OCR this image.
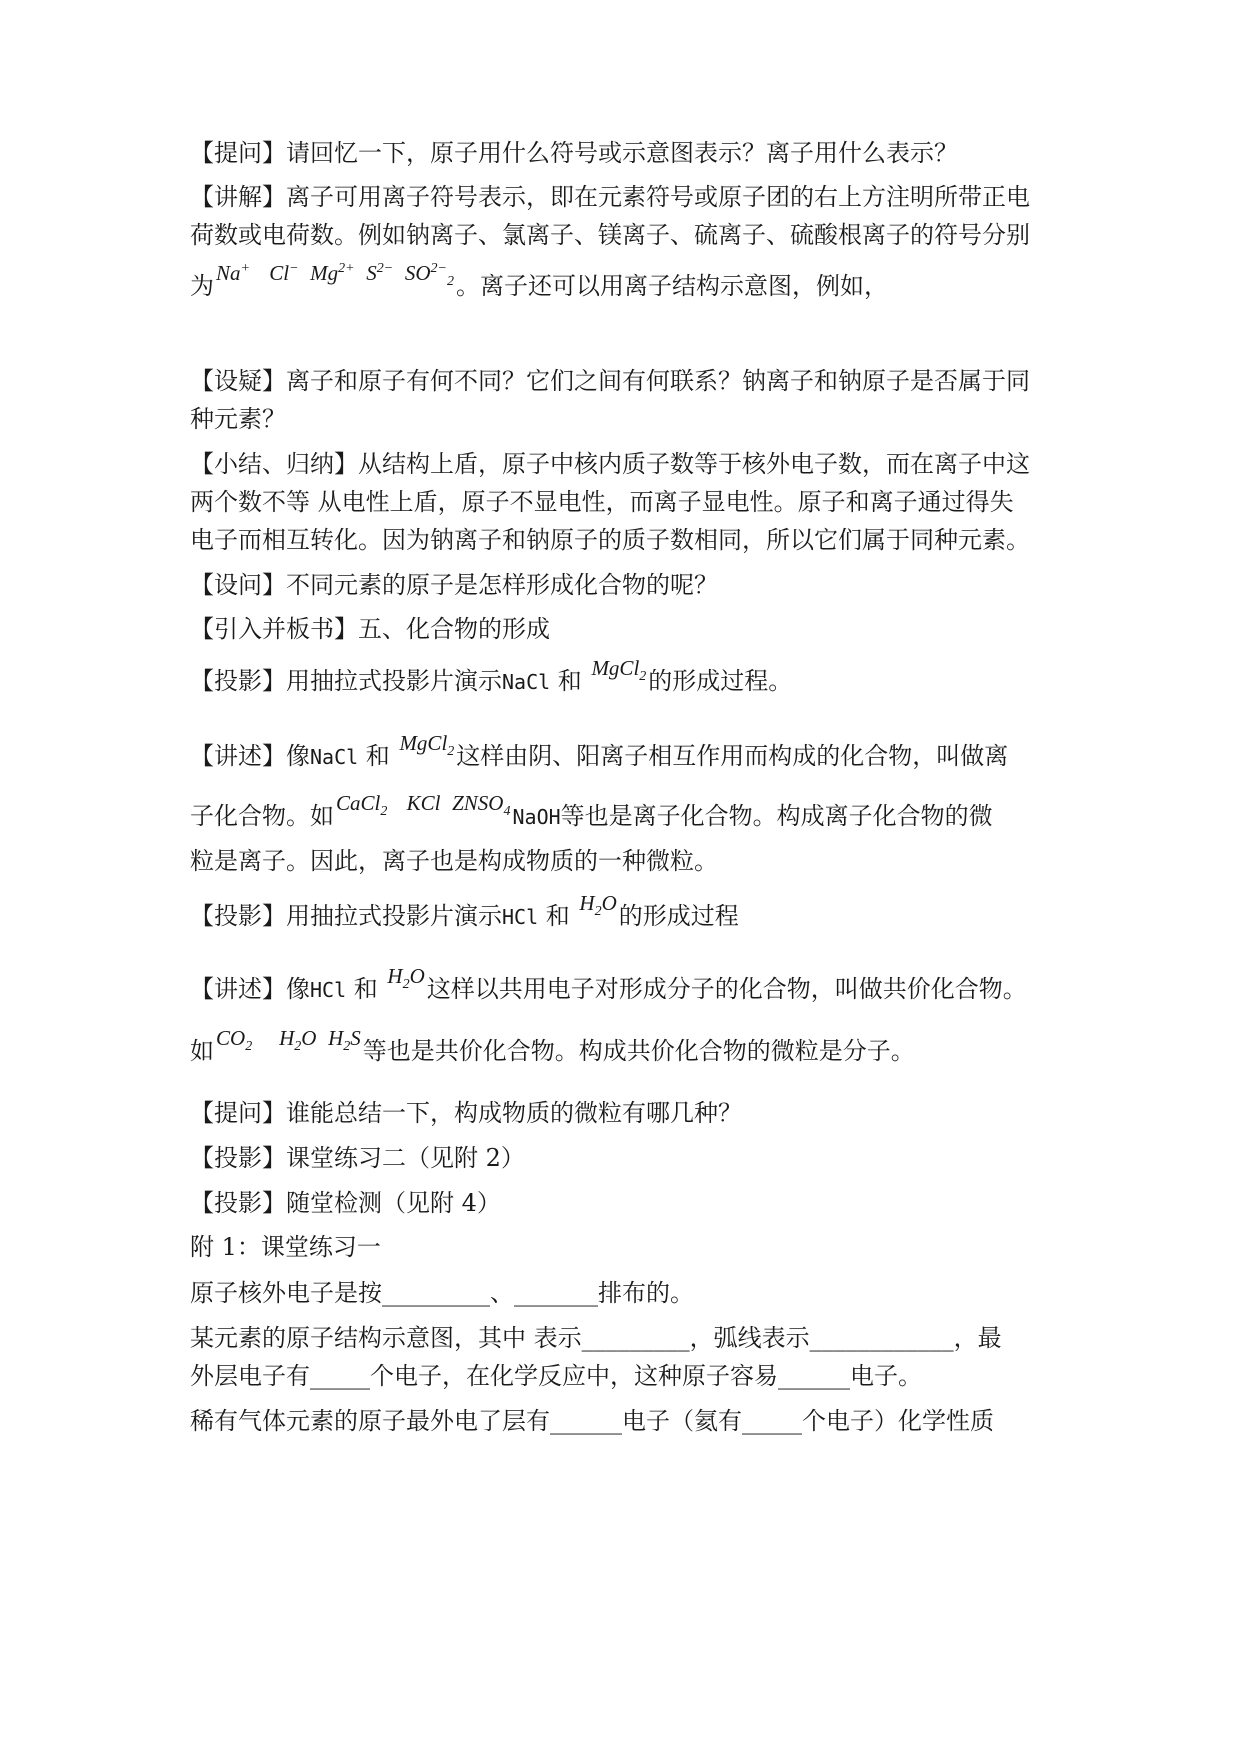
【提问】请回忆一下，原子用什么符号或示意图表示？离子用什么表示？
【讲解】离子可用离子符号表示，即在元素符号或原子团的右上方注明所带正电
荷数或电荷数。例如钠离子、氯离子、镁离子、硫离子、硫酸根离子的符号分别
为Na+ Cl− $Mg^{2+}$ $S^{2-}$ $SO^{2-}_2$。离子还可以用离子结构示意图，例如，
【设疑】离子和原子有何不同？它们之间有何联系？钠离子和钠原子是否属于同
种元素？
【小结、归纳】从结构上盾，原子中核内质子数等于核外电子数，而在离子中这
两个数不等 从电性上盾，原子不显电性，而离子显电性。原子和离子通过得失
电子而相互转化。因为钠离子和钠原子的质子数相同，所以它们属于同种元素。
【设问】不同元素的原子是怎样形成化合物的呢？
【引入并板书】五、化合物的形成
【投影】用抽拉式投影片演示NaCl 和 MgCl$_2$的形成过程。
【讲述】像NaCl 和 MgCl$_2$这样由阴、阳离子相互作用而构成的化合物，叫做离
子化合物。如CaCl$_2$ KCl $ZNSO_4$ NaOH等也是离子化合物。构成离子化合物的微
粒是离子。因此，离子也是构成物质的一种微粒。
【投影】用抽拉式投影片演示HCl 和 $H_2O$的形成过程
【讲述】像HCl 和 $H_2O$这样以共用电子对形成分子的化合物，叫做共价化合物。
如$CO_2$ $H_2O$ $H_2S$等也是共价化合物。构成共价化合物的微粒是分子。
【提问】谁能总结一下，构成物质的微粒有哪几种？
【投影】课堂练习二（见附 2）
【投影】随堂检测（见附 4）
附 1：课堂练习一
原子核外电子是按_________、_______排布的。
某元素的原子结构示意图，其中 表示_________，弧线表示____________，最
外层电子有_____个电子，在化学反应中，这种原子容易______电子。
稀有气体元素的原子最外电了层有______电子（氦有_____个电子）化学性质
